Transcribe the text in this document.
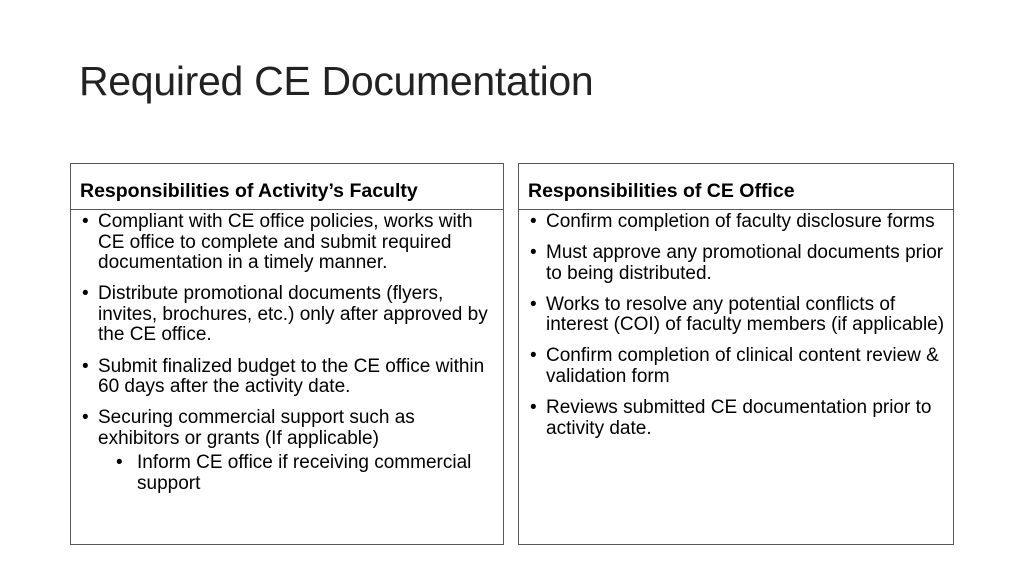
Required CE Documentation
Responsibilities of Activity’s Faculty
• Compliant with CE office policies, works with CE office to complete and submit required documentation in a timely manner.
• Distribute promotional documents (flyers, invites, brochures, etc.) only after approved by the CE office.
• Submit finalized budget to the CE office within 60 days after the activity date.
• Securing commercial support such as exhibitors or grants (If applicable)
• Inform CE office if receiving commercial support
Responsibilities of CE Office
• Confirm completion of faculty disclosure forms
• Must approve any promotional documents prior to being distributed.
• Works to resolve any potential conflicts of interest (COI) of faculty members (if applicable)
• Confirm completion of clinical content review & validation form
• Reviews submitted CE documentation prior to activity date.
